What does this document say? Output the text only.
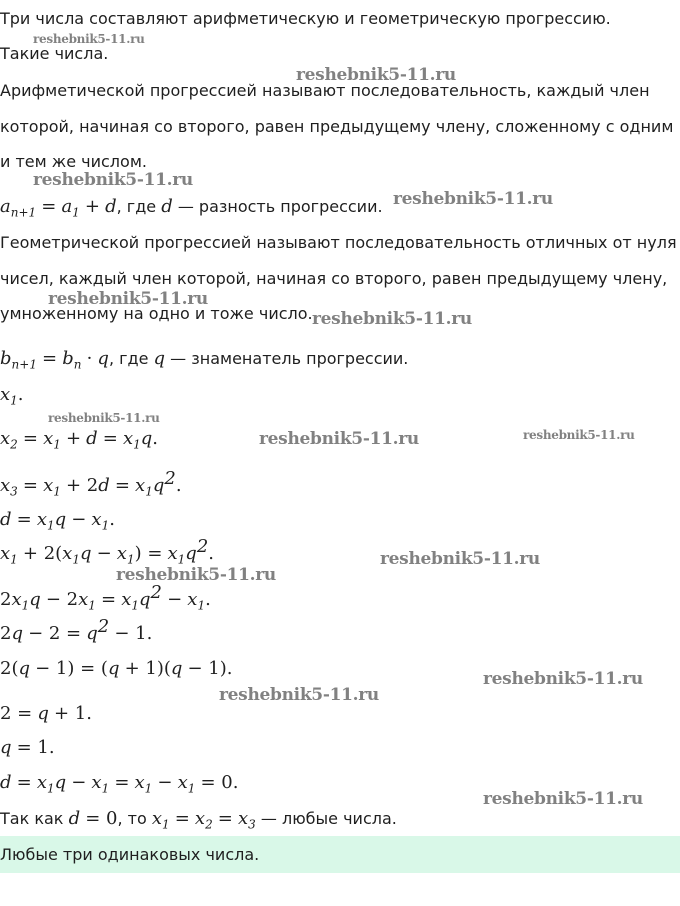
Три числа составляют арифметическую и геометрическую прогрессию.
Такие числа.
Арифметической прогрессией называют последовательность, каждый член
которой, начиная со второго, равен предыдущему члену, сложенному с одним
и тем же числом.
$a_{n+1} = a_1 + d$, где d — разность прогрессии.
Геометрической прогрессией называют последовательность отличных от нуля
чисел, каждый член которой, начиная со второго, равен предыдущему члену,
умноженному на одно и тоже число.
$b_{n+1} = b_n \cdot q$, где q — знаменатель прогрессии.
$x_1$.
$x_2 = x_1 + d = x_1q$.
$x_3 = x_1 + 2d = x_1q^2$.
$d = x_1q - x_1$.
$x_1 + 2(x_1q - x_1) = x_1q^2$.
$2x_1q - 2x_1 = x_1q^2 - x_1$.
$2q - 2 = q^2 - 1$.
2(q − 1) = (q + 1)(q − 1).
2 = q + 1.
q = 1.
$d = x_1q - x_1 = x_1 - x_1 = 0$.
Так как d = 0, то $x_1 = x_2 = x_3$ — любые числа.
Любые три одинаковых числа.
reshebnik5-11.ru
reshebnik5-11.ru
reshebnik5-11.ru
reshebnik5-11.ru
reshebnik5-11.ru
reshebnik5-11.ru
reshebnik5-11.ru
reshebnik5-11.ru	reshebnik5-11.ru
reshebnik5-11.ru
reshebnik5-11.ru
reshebnik5-11.ru
reshebnik5-11.ru
reshebnik5-11.ru
